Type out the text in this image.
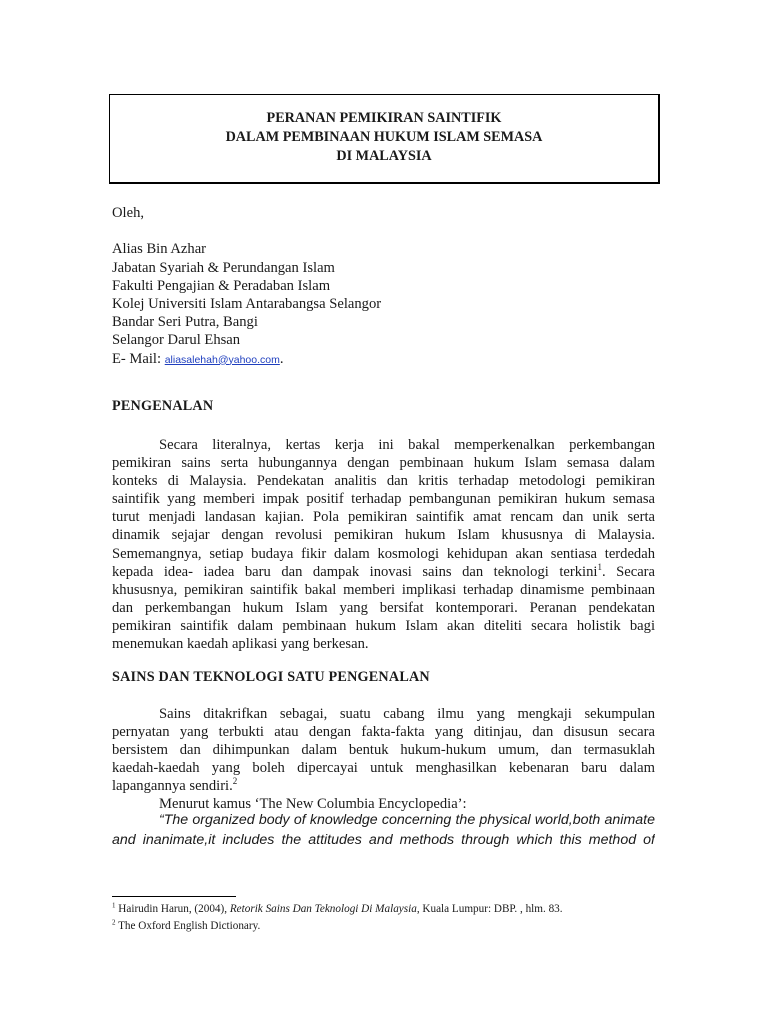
PERANAN PEMIKIRAN SAINTIFIK
DALAM PEMBINAAN HUKUM ISLAM SEMASA
DI MALAYSIA
Oleh,
Alias Bin Azhar
Jabatan Syariah & Perundangan Islam
Fakulti Pengajian & Peradaban Islam
Kolej Universiti Islam Antarabangsa Selangor
Bandar Seri Putra, Bangi
Selangor Darul Ehsan
E- Mail: aliasalehah@yahoo.com.
PENGENALAN
Secara literalnya, kertas kerja ini bakal memperkenalkan perkembangan
pemikiran sains serta hubungannya dengan pembinaan hukum Islam semasa dalam
konteks di Malaysia. Pendekatan analitis dan kritis terhadap metodologi pemikiran
saintifik yang memberi impak positif terhadap pembangunan pemikiran hukum semasa
turut menjadi landasan kajian. Pola pemikiran saintifik amat rencam dan unik serta
dinamik sejajar dengan revolusi pemikiran hukum Islam khususnya di Malaysia.
Sememangnya, setiap budaya fikir dalam kosmologi kehidupan akan sentiasa terdedah
kepada idea- iadea baru dan dampak inovasi sains dan teknologi terkini$^1$. Secara
khususnya, pemikiran saintifik bakal memberi implikasi terhadap dinamisme pembinaan
dan perkembangan hukum Islam yang bersifat kontemporari. Peranan pendekatan
pemikiran saintifik dalam pembinaan hukum Islam akan diteliti secara holistik bagi
menemukan kaedah aplikasi yang berkesan.
SAINS DAN TEKNOLOGI SATU PENGENALAN
Sains ditakrifkan sebagai, suatu cabang ilmu yang mengkaji sekumpulan
pernyatan yang terbukti atau dengan fakta-fakta yang ditinjau, dan disusun secara
bersistem dan dihimpunkan dalam bentuk hukum-hukum umum, dan termasuklah
kaedah-kaedah yang boleh dipercayai untuk menghasilkan kebenaran baru dalam
lapangannya sendiri.$^2$
Menurut kamus ‘The New Columbia Encyclopedia’:
“The organized body of knowledge concerning the physical world,both animate
and inanimate,it includes the attitudes and methods through which this method of
$^1$ Hairudin Harun, (2004), Retorik Sains Dan Teknologi Di Malaysia, Kuala Lumpur: DBP. , hlm. 83.
$^2$ The Oxford English Dictionary.
